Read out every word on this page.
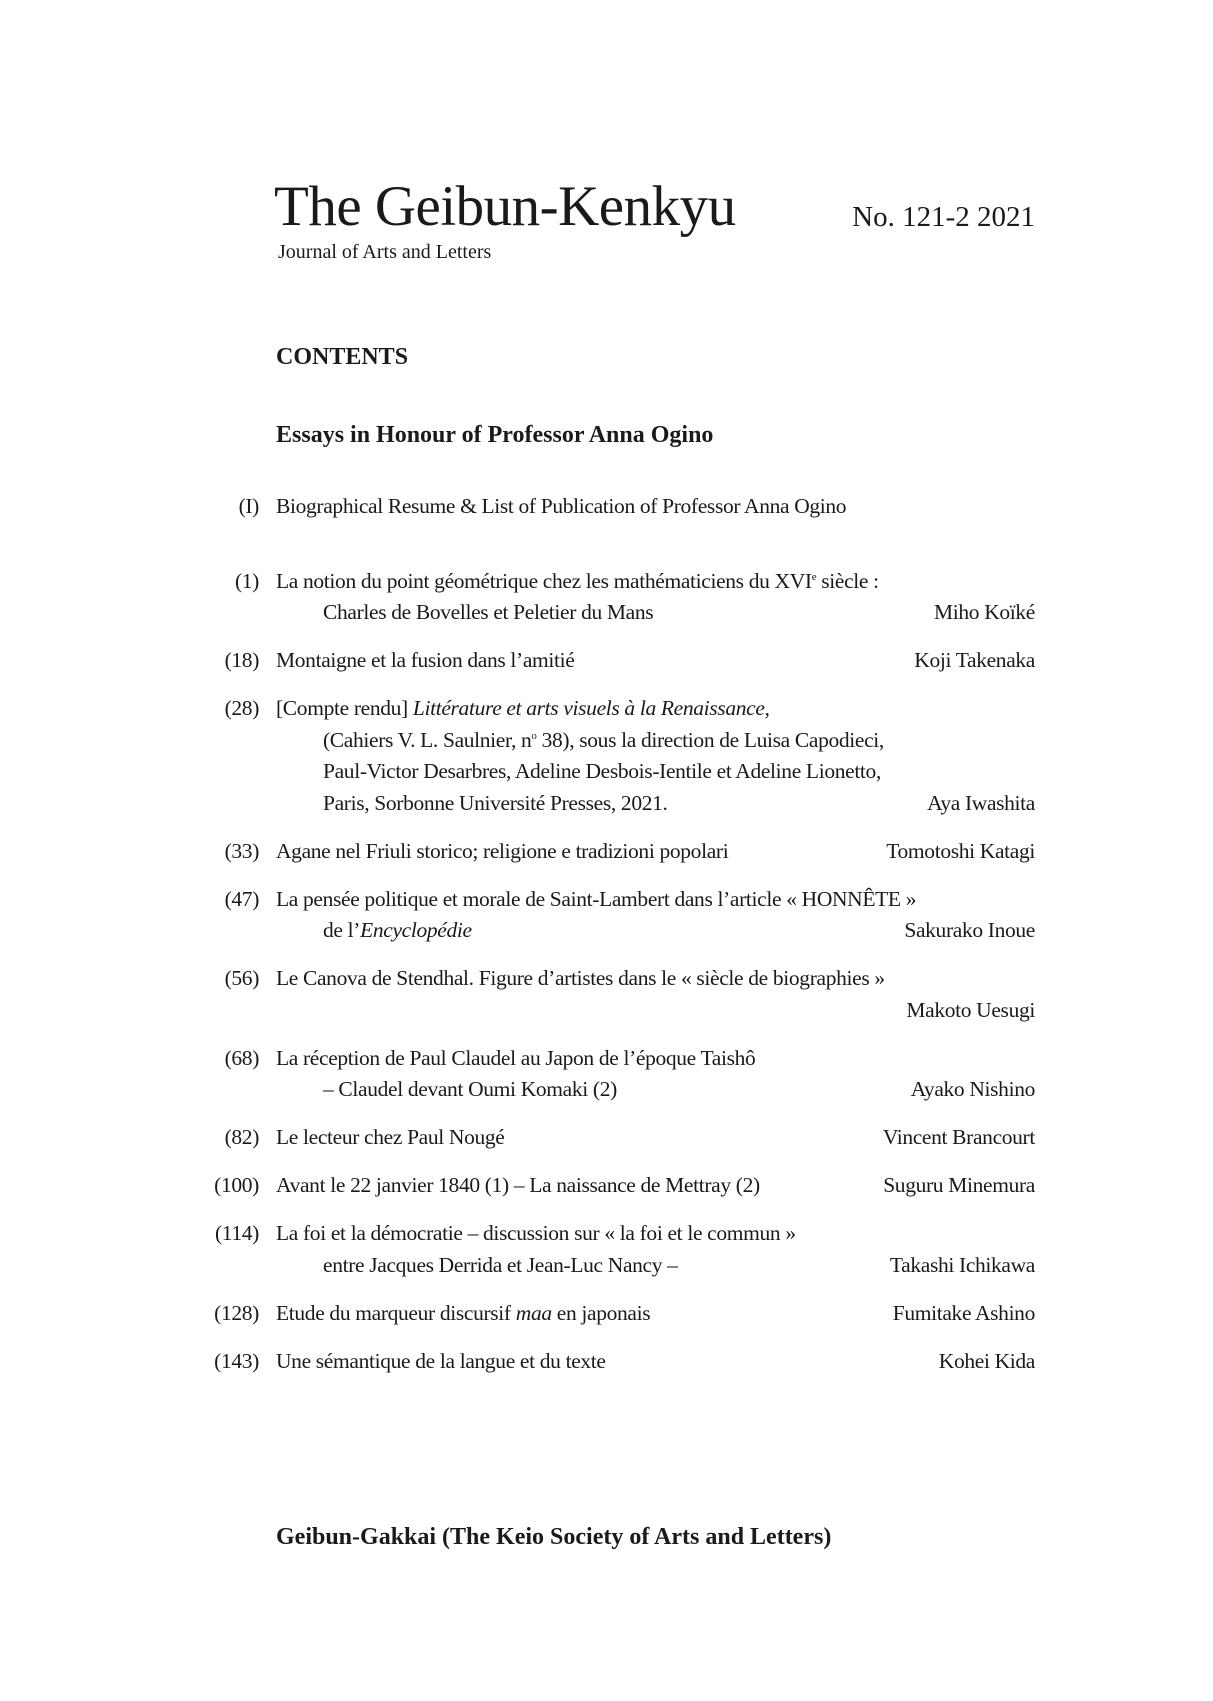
The Geibun-Kenkyu	No. 121-2 2021
Journal of Arts and Letters
CONTENTS
Essays in Honour of Professor Anna Ogino
(I) Biographical Resume & List of Publication of Professor Anna Ogino
(1) La notion du point géométrique chez les mathématiciens du XVIe siècle :
Charles de Bovelles et Peletier du Mans	Miho Koïké
(18) Montaigne et la fusion dans l’amitié	Koji Takenaka
(28) [Compte rendu] Littérature et arts visuels à la Renaissance,
(Cahiers V. L. Saulnier, $n^o$ 38), sous la direction de Luisa Capodieci,
Paul-Victor Desarbres, Adeline Desbois-Ientile et Adeline Lionetto,
Paris, Sorbonne Université Presses, 2021.	Aya Iwashita
(33) Agane nel Friuli storico; religione e tradizioni popolari	Tomotoshi Katagi
(47) La pensée politique et morale de Saint-Lambert dans l’article « HONNÊTE »
de l’Encyclopédie	Sakurako Inoue
(56) Le Canova de Stendhal. Figure d’artistes dans le « siècle de biographies »
Makoto Uesugi
(68) La réception de Paul Claudel au Japon de l’époque Taishô
– Claudel devant Oumi Komaki (2)	Ayako Nishino
(82) Le lecteur chez Paul Nougé	Vincent Brancourt
(100) Avant le 22 janvier 1840 (1) – La naissance de Mettray (2)	Suguru Minemura
(114) La foi et la démocratie – discussion sur « la foi et le commun »
entre Jacques Derrida et Jean-Luc Nancy –	Takashi Ichikawa
(128) Etude du marqueur discursif maa en japonais	Fumitake Ashino
(143) Une sémantique de la langue et du texte	Kohei Kida
Geibun-Gakkai (The Keio Society of Arts and Letters)
